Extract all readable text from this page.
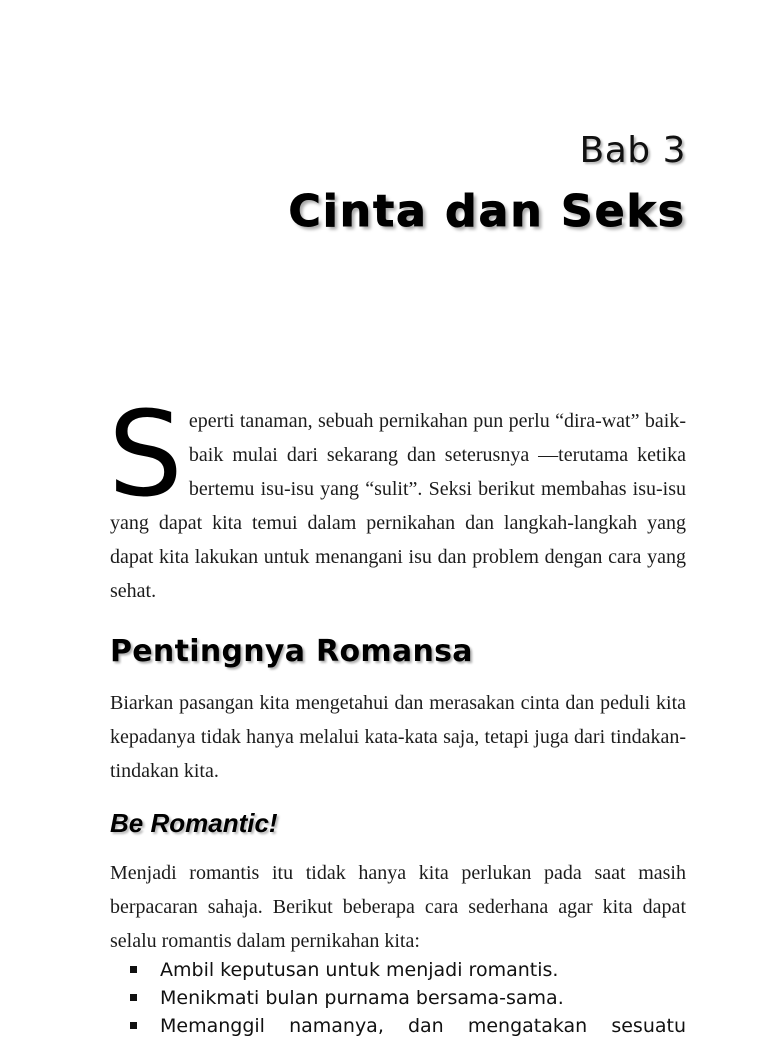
Bab 3
Cinta dan Seks
S eperti tanaman, sebuah pernikahan pun perlu “dira-wat” baik-baik mulai dari sekarang dan seterusnya —terutama ketika bertemu isu-isu yang “sulit”. Seksi berikut membahas isu-isu yang dapat kita temui dalam pernikahan dan langkah-langkah yang dapat kita lakukan untuk menangani isu dan problem dengan cara yang sehat.

Pentingnya Romansa

Biarkan pasangan kita mengetahui dan merasakan cinta dan peduli kita kepadanya tidak hanya melalui kata-kata saja, tetapi juga dari tindakan-tindakan kita.

Be Romantic!

Menjadi romantis itu tidak hanya kita perlukan pada saat masih berpacaran sahaja. Berikut beberapa cara sederhana agar kita dapat selalu romantis dalam pernikahan kita:

Ambil keputusan untuk menjadi romantis.
Menikmati bulan purnama bersama-sama.
Memanggil namanya, dan mengatakan sesuatu
